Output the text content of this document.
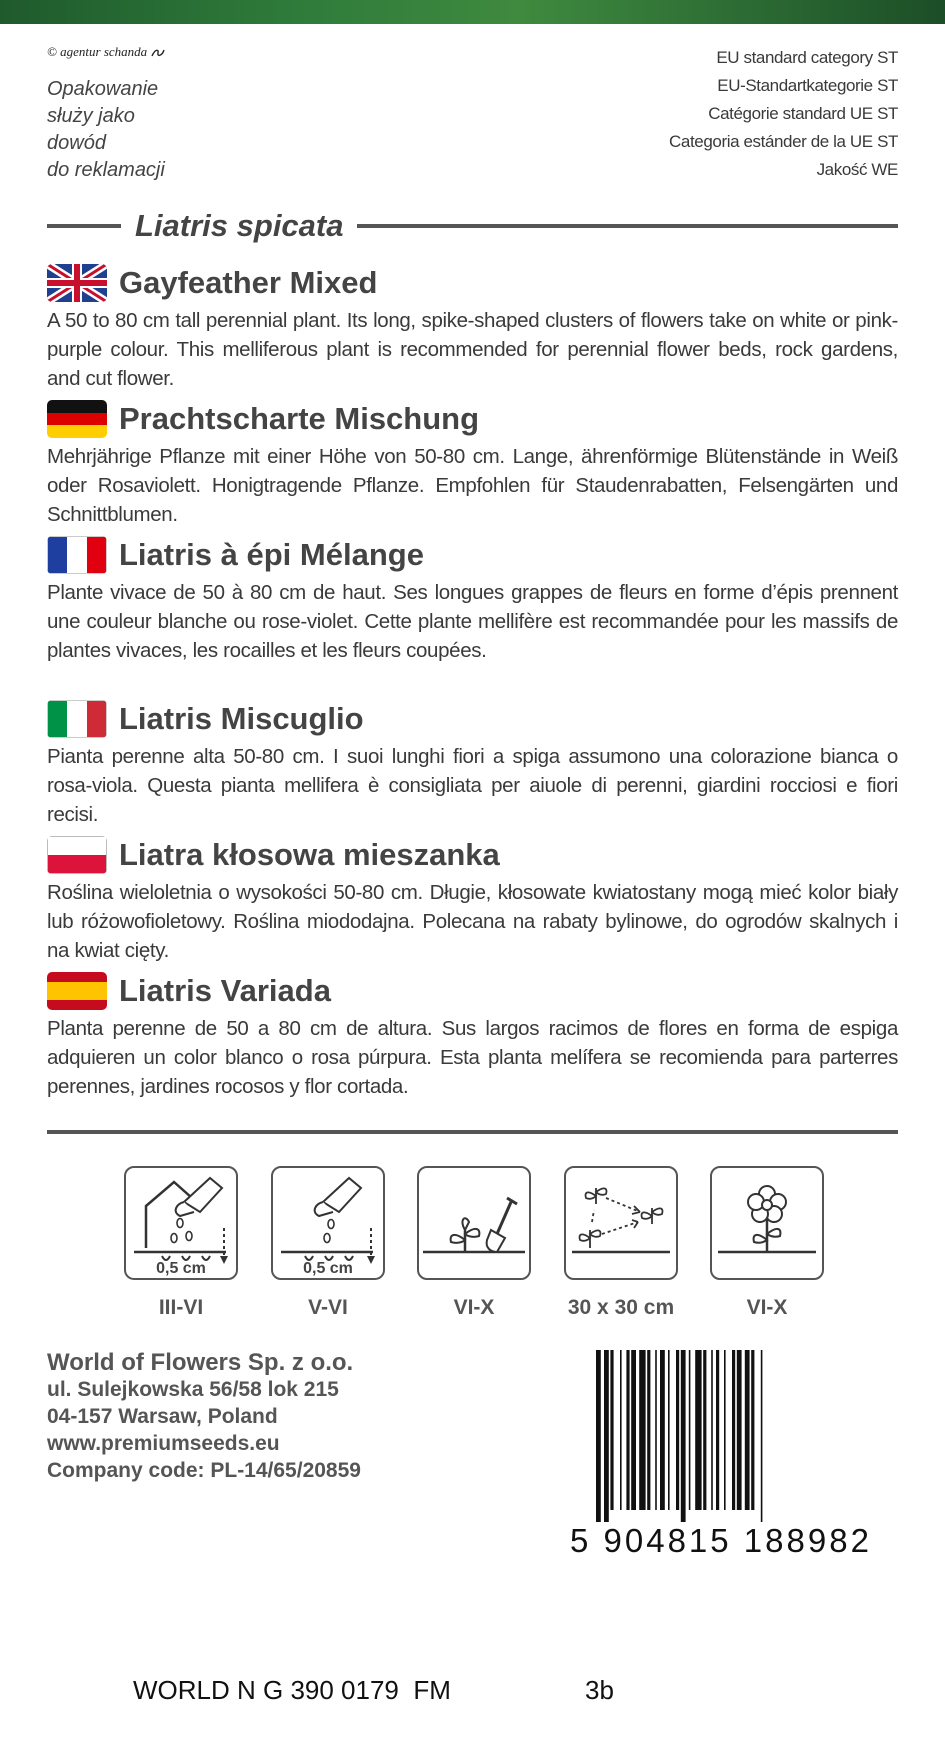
© agentur schanda
Opakowanie
służy jako
dowód
do reklamacji
EU standard category ST
EU-Standartkategorie ST
Catégorie standard UE ST
Categoria estánder de la UE ST
Jakość WE
Liatris spicata
Gayfeather Mixed
A 50 to 80 cm tall perennial plant. Its long, spike-shaped clusters of flowers take on white or pink-purple colour. This melliferous plant is recommended for perennial flower beds, rock gardens, and cut flower.
Prachtscharte Mischung
Mehrjährige Pflanze mit einer Höhe von 50-80 cm. Lange, ährenförmige Blütenstände in Weiß oder Rosaviolett. Honigtragende Pflanze. Empfohlen für Staudenrabatten, Felsengärten und Schnittblumen.
Liatris à épi Mélange
Plante vivace de 50 à 80 cm de haut. Ses longues grappes de fleurs en forme d’épis prennent une couleur blanche ou rose-violet. Cette plante mellifère est recommandée pour les massifs de plantes vivaces, les rocailles et les fleurs coupées.
Liatris Miscuglio
Pianta perenne alta 50-80 cm. I suoi lunghi fiori a spiga assumono una colorazione bianca o rosa-viola. Questa pianta mellifera è consigliata per aiuole di perenni, giardini rocciosi e fiori recisi.
Liatra kłosowa mieszanka
Roślina wieloletnia o wysokości 50-80 cm. Długie, kłosowate kwiatostany mogą mieć kolor biały lub różowofioletowy. Roślina miododajna. Polecana na rabaty bylinowe, do ogrodów skalnych i na kwiat cięty.
Liatris Variada
Planta perenne de 50 a 80 cm de altura. Sus largos racimos de flores en forma de espiga adquieren un color blanco o rosa púrpura. Esta planta melífera se recomienda para parterres perennes, jardines rocosos y flor cortada.
0,5 cm
III-VI
0,5 cm
V-VI	VI-X	30 x 30 cm	VI-X
World of Flowers Sp. z o.o.
ul. Sulejkowska 56/58 lok 215
04-157 Warsaw, Poland
www.premiumseeds.eu
Company code: PL-14/65/20859
5 904815 188982
WORLD N G 390 0179  FM	3b
